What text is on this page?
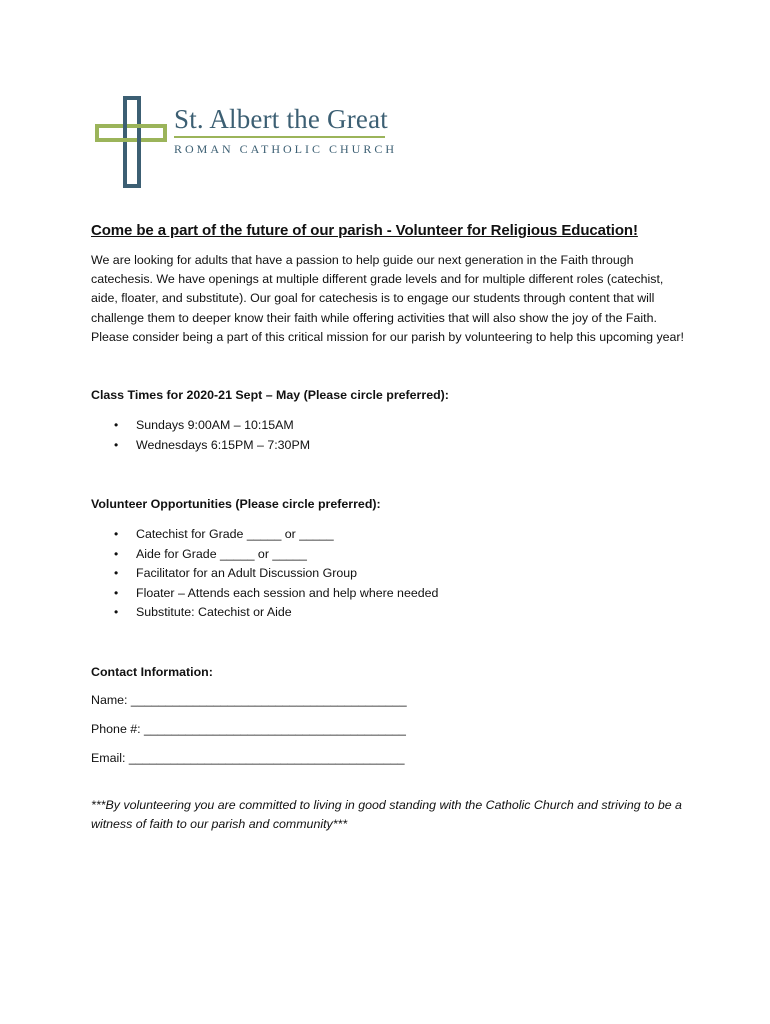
St. Albert the Great
ROMAN CATHOLIC CHURCH
Come be a part of the future of our parish - Volunteer for Religious Education!

We are looking for adults that have a passion to help guide our next generation in the Faith through catechesis. We have openings at multiple different grade levels and for multiple different roles (catechist, aide, floater, and substitute). Our goal for catechesis is to engage our students through content that will challenge them to deeper know their faith while offering activities that will also show the joy of the Faith. Please consider being a part of this critical mission for our parish by volunteering to help this upcoming year!

Class Times for 2020-21 Sept – May (Please circle preferred):
• Sundays 9:00AM – 10:15AM
• Wednesdays 6:15PM – 7:30PM
Volunteer Opportunities (Please circle preferred):
• Catechist for Grade _____ or _____
• Aide for Grade _____ or _____
• Facilitator for an Adult Discussion Group
• Floater – Attends each session and help where needed
• Substitute: Catechist or Aide
Contact Information:
Name: ________________________________________
Phone #: ______________________________________
Email: ________________________________________
***By volunteering you are committed to living in good standing with the Catholic Church and striving to be a witness of faith to our parish and community***
